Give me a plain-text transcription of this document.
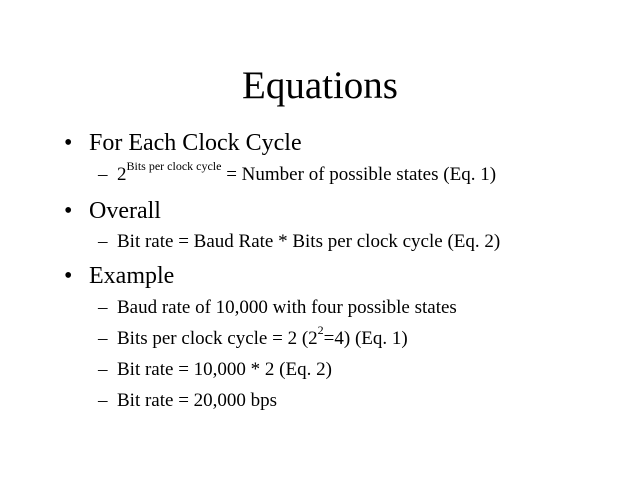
Equations
• For Each Clock Cycle
– $2^{Bits per clock cycle}$ = Number of possible states (Eq. 1)
• Overall
– Bit rate = Baud Rate * Bits per clock cycle (Eq. 2)
• Example
– Baud rate of 10,000 with four possible states
– Bits per clock cycle = 2 $(2^2=4)$ (Eq. 1)
– Bit rate = 10,000 * 2 (Eq. 2)
– Bit rate = 20,000 bps
